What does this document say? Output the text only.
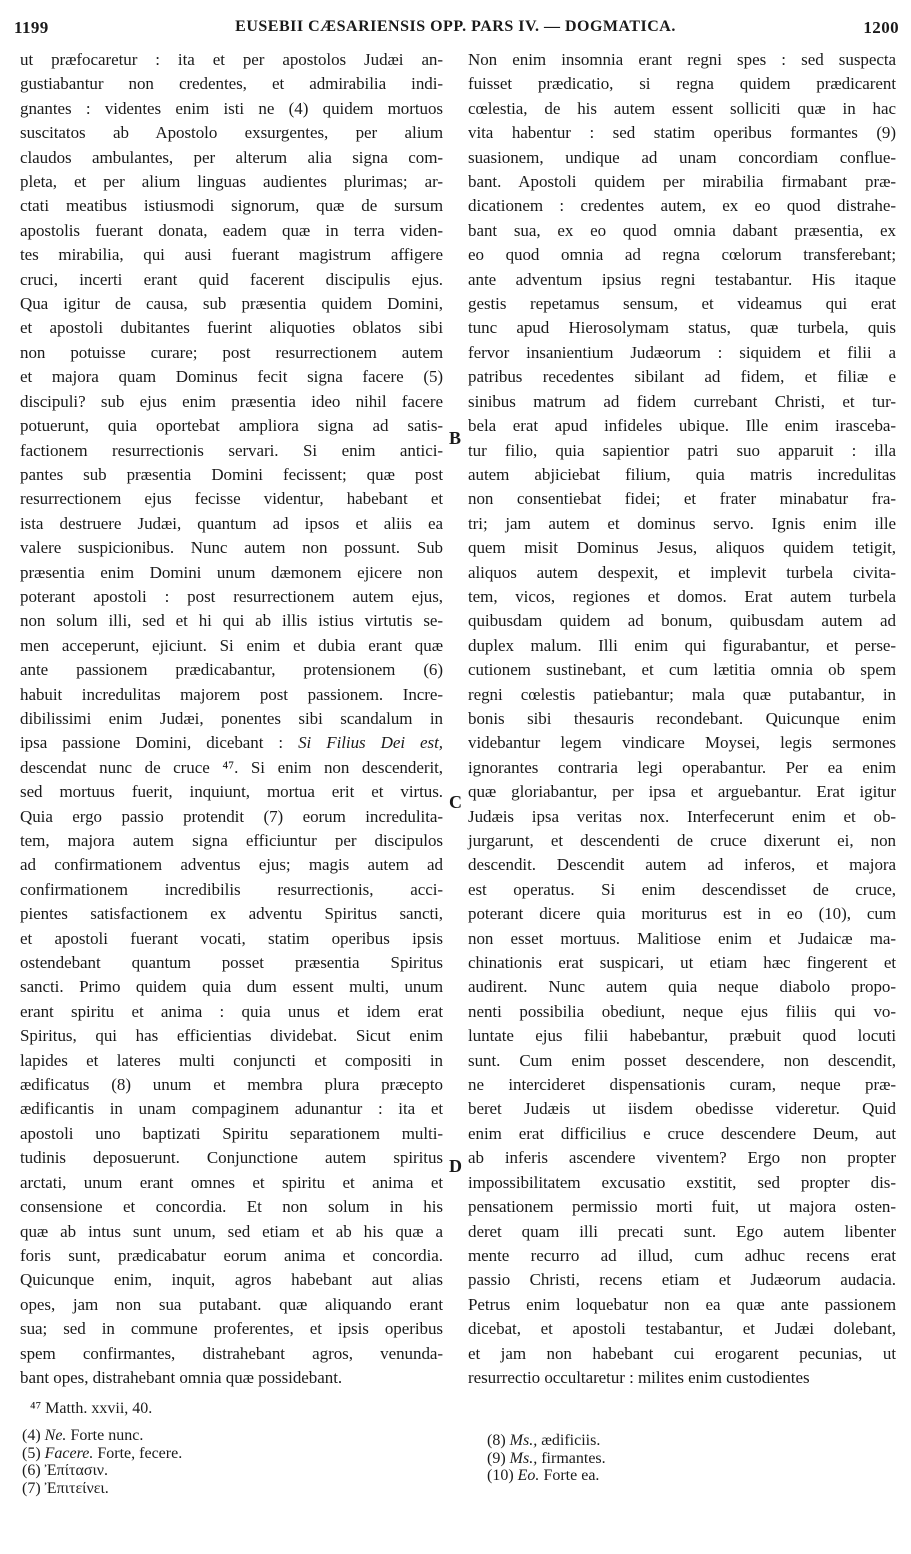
1199	EUSEBII CÆSARIENSIS OPP. PARS IV. — DOGMATICA.	1200
ut præfocaretur : ita et per apostolos Judæi an-
gustiabantur non credentes, et admirabilia indi-
gnantes : videntes enim isti ne (4) quidem mortuos
suscitatos ab Apostolo exsurgentes, per alium
claudos ambulantes, per alterum alia signa com-
pleta, et per alium linguas audientes plurimas; ar-
ctati meatibus istiusmodi signorum, quæ de sursum
apostolis fuerant donata, eadem quæ in terra viden-
tes mirabilia, qui ausi fuerant magistrum affigere
cruci, incerti erant quid facerent discipulis ejus.
Qua igitur de causa, sub præsentia quidem Domini,
et apostoli dubitantes fuerint aliquoties oblatos sibi
non potuisse curare; post resurrectionem autem
et majora quam Dominus fecit signa facere (5)
discipuli? sub ejus enim præsentia ideo nihil facere
potuerunt, quia oportebat ampliora signa ad satis-
factionem resurrectionis servari. Si enim antici-
pantes sub præsentia Domini fecissent; quæ post
resurrectionem ejus fecisse videntur, habebant et
ista destruere Judæi, quantum ad ipsos et aliis ea
valere suspicionibus. Nunc autem non possunt. Sub
præsentia enim Domini unum dæmonem ejicere non
poterant apostoli : post resurrectionem autem ejus,
non solum illi, sed et hi qui ab illis istius virtutis se-
men acceperunt, ejiciunt. Si enim et dubia erant quæ
ante passionem prædicabantur, protensionem (6)
habuit incredulitas majorem post passionem. Incre-
dibilissimi enim Judæi, ponentes sibi scandalum in
ipsa passione Domini, dicebant : Si Filius Dei est,
descendat nunc de cruce ⁴⁷. Si enim non descenderit,
sed mortuus fuerit, inquiunt, mortua erit et virtus.
Quia ergo passio protendit (7) eorum incredulita-
tem, majora autem signa efficiuntur per discipulos
ad confirmationem adventus ejus; magis autem ad
confirmationem incredibilis resurrectionis, acci-
pientes satisfactionem ex adventu Spiritus sancti,
et apostoli fuerant vocati, statim operibus ipsis
ostendebant quantum posset præsentia Spiritus
sancti. Primo quidem quia dum essent multi, unum
erant spiritu et anima : quia unus et idem erat
Spiritus, qui has efficientias dividebat. Sicut enim
lapides et lateres multi conjuncti et compositi in
ædificatus (8) unum et membra plura præcepto
ædificantis in unam compaginem adunantur : ita et
apostoli uno baptizati Spiritu separationem multi-
tudinis deposuerunt. Conjunctione autem spiritus
arctati, unum erant omnes et spiritu et anima et
consensione et concordia. Et non solum in his
quæ ab intus sunt unum, sed etiam et ab his quæ a
foris sunt, prædicabatur eorum anima et concordia.
Quicunque enim, inquit, agros habebant aut alias
opes, jam non sua putabant. quæ aliquando erant
sua; sed in commune proferentes, et ipsis operibus
spem confirmantes, distrahebant agros, venunda-
bant opes, distrahebant omnia quæ possidebant.
Non enim insomnia erant regni spes : sed suspecta
fuisset prædicatio, si regna quidem prædicarent
cœlestia, de his autem essent solliciti quæ in hac
vita habentur : sed statim operibus formantes (9)
suasionem, undique ad unam concordiam conflue-
bant. Apostoli quidem per mirabilia firmabant præ-
dicationem : credentes autem, ex eo quod distrahe-
bant sua, ex eo quod omnia dabant præsentia, ex
eo quod omnia ad regna cœlorum transferebant;
ante adventum ipsius regni testabantur. His itaque
gestis repetamus sensum, et videamus qui erat
tunc apud Hierosolymam status, quæ turbela, quis
fervor insanientium Judæorum : siquidem et filii a
patribus recedentes sibilant ad fidem, et filiæ e
sinibus matrum ad fidem currebant Christi, et tur-
bela erat apud infideles ubique. Ille enim irasceba-
tur filio, quia sapientior patri suo apparuit : illa
autem abjiciebat filium, quia matris incredulitas
non consentiebat fidei; et frater minabatur fra-
tri; jam autem et dominus servo. Ignis enim ille
quem misit Dominus Jesus, aliquos quidem tetigit,
aliquos autem despexit, et implevit turbela civita-
tem, vicos, regiones et domos. Erat autem turbela
quibusdam quidem ad bonum, quibusdam autem ad
duplex malum. Illi enim qui figurabantur, et perse-
cutionem sustinebant, et cum lætitia omnia ob spem
regni cœlestis patiebantur; mala quæ putabantur, in
bonis sibi thesauris recondebant. Quicunque enim
videbantur legem vindicare Moysei, legis sermones
ignorantes contraria legi operabantur. Per ea enim
quæ gloriabantur, per ipsa et arguebantur. Erat igitur
Judæis ipsa veritas nox. Interfecerunt enim et ob-
jurgarunt, et descendenti de cruce dixerunt ei, non
descendit. Descendit autem ad inferos, et majora
est operatus. Si enim descendisset de cruce,
poterant dicere quia moriturus est in eo (10), cum
non esset mortuus. Malitiose enim et Judaicæ ma-
chinationis erat suspicari, ut etiam hæc fingerent et
audirent. Nunc autem quia neque diabolo propo-
nenti possibilia obediunt, neque ejus filiis qui vo-
luntate ejus filii habebantur, præbuit quod locuti
sunt. Cum enim posset descendere, non descendit,
ne intercideret dispensationis curam, neque præ-
beret Judæis ut iisdem obedisse videretur. Quid
enim erat difficilius e cruce descendere Deum, aut
ab inferis ascendere viventem? Ergo non propter
impossibilitatem excusatio exstitit, sed propter dis-
pensationem permissio morti fuit, ut majora osten-
deret quam illi precati sunt. Ego autem libenter
mente recurro ad illud, cum adhuc recens erat
passio Christi, recens etiam et Judæorum audacia.
Petrus enim loquebatur non ea quæ ante passionem
dicebat, et apostoli testabantur, et Judæi dolebant,
et jam non habebant cui erogarent pecunias, ut
resurrectio occultaretur : milites enim custodientes
B
C
D
⁴⁷ Matth. xxvii, 40.
(4) Ne. Forte nunc.
(5) Facere. Forte, fecere.
(6) Ἐπίτασιν.
(7) Ἐπιτείνει.
(8) Ms., ædificiis.
(9) Ms., firmantes.
(10) Eo. Forte ea.
